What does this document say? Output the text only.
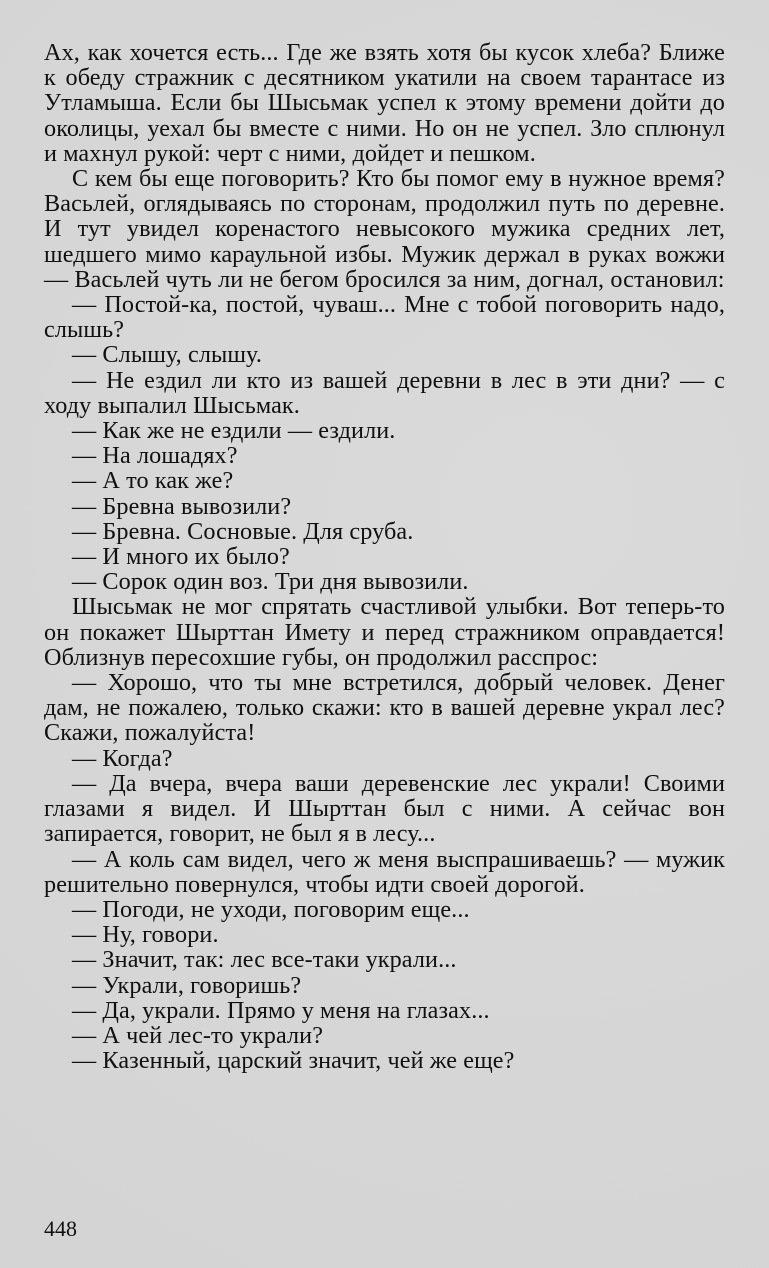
Ах, как хочется есть... Где же взять хотя бы кусок хлеба? Ближе к обеду стражник с десятником укатили на своем тарантасе из Утламыша. Если бы Шысьмак успел к этому времени дойти до околицы, уехал бы вместе с ними. Но он не успел. Зло сплюнул и махнул рукой: черт с ними, дойдет и пешком.

С кем бы еще поговорить? Кто бы помог ему в нужное время? Васьлей, оглядываясь по сторонам, продолжил путь по деревне. И тут увидел коренастого невысокого мужика средних лет, шедшего мимо караульной избы. Мужик держал в руках вожжи — Васьлей чуть ли не бегом бросился за ним, догнал, остановил:

— Постой-ка, постой, чуваш... Мне с тобой поговорить надо, слышь?

— Слышу, слышу.

— Не ездил ли кто из вашей деревни в лес в эти дни? — с ходу выпалил Шысьмак.

— Как же не ездили — ездили.

— На лошадях?

— А то как же?

— Бревна вывозили?

— Бревна. Сосновые. Для сруба.

— И много их было?

— Сорок один воз. Три дня вывозили.

Шысьмак не мог спрятать счастливой улыбки. Вот теперь-то он покажет Шырттан Имету и перед стражником оправдается! Облизнув пересохшие губы, он продолжил расспрос:

— Хорошо, что ты мне встретился, добрый человек. Денег дам, не пожалею, только скажи: кто в вашей деревне украл лес? Скажи, пожалуйста!

— Когда?

— Да вчера, вчера ваши деревенские лес украли! Своими глазами я видел. И Шырттан был с ними. А сейчас вон запирается, говорит, не был я в лесу...

— А коль сам видел, чего ж меня выспрашиваешь? — мужик решительно повернулся, чтобы идти своей дорогой.

— Погоди, не уходи, поговорим еще...

— Ну, говори.

— Значит, так: лес все-таки украли...

— Украли, говоришь?

— Да, украли. Прямо у меня на глазах...

— А чей лес-то украли?

— Казенный, царский значит, чей же еще?

448
